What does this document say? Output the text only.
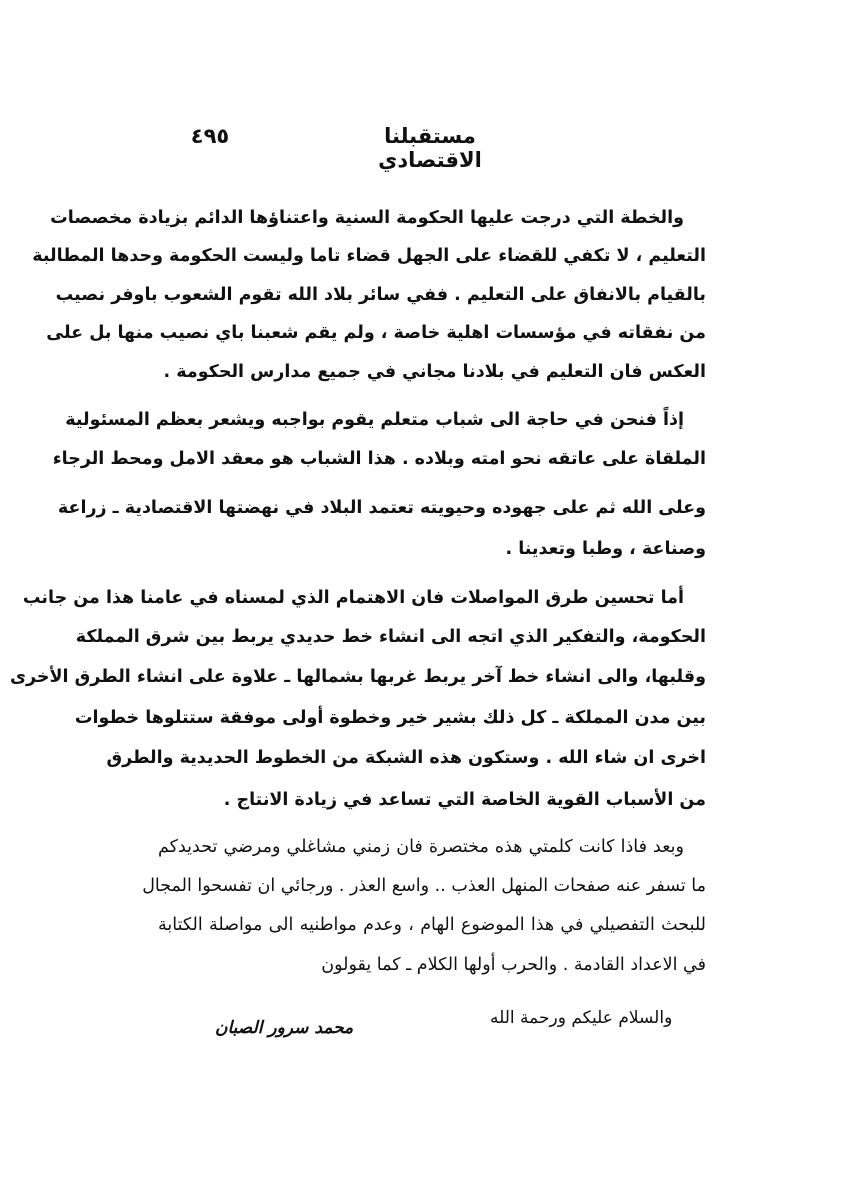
مستقبلنا الاقتصادي
٤٩٥
والخطة التي درجت عليها الحكومة السنية واعتناؤها الدائم بزيادة مخصصات
التعليم ، لا تكفي للقضاء على الجهل قضاء تاما وليست الحكومة وحدها المطالبة
بالقيام بالانفاق على التعليم . ففي سائر بلاد الله تقوم الشعوب باوفر نصيب
من نفقاته في مؤسسات اهلية خاصة ، ولم يقم شعبنا باي نصيب منها بل على
العكس فان التعليم في بلادنا مجاني في جميع مدارس الحكومة .
إذاً فنحن في حاجة الى شباب متعلم يقوم بواجبه ويشعر بعظم المسئولية
الملقاة على عاتقه نحو امته وبلاده . هذا الشباب هو معقد الامل ومحط الرجاء
وعلى الله ثم على جهوده وحيويته تعتمد البلاد في نهضتها الاقتصادية ـ زراعة
وصناعة ، وطبا وتعدينا .
أما تحسين طرق المواصلات فان الاهتمام الذي لمسناه في عامنا هذا من جانب
الحكومة، والتفكير الذي اتجه الى انشاء خط حديدي يربط بين شرق المملكة
وقلبها، والى انشاء خط آخر يربط غربها بشمالها ـ علاوة على انشاء الطرق الأخرى
بين مدن المملكة ـ كل ذلك بشير خير وخطوة أولى موفقة ستتلوها خطوات
اخرى ان شاء الله . وستكون هذه الشبكة من الخطوط الحديدية والطرق
من الأسباب القوية الخاصة التي تساعد في زيادة الانتاج .
وبعد فاذا كانت كلمتي هذه مختصرة فان زمني مشاغلي ومرضي تحديدكم
ما تسفر عنه صفحات المنهل العذب .. واسع العذر . ورجائي ان تفسحوا المجال
للبحث التفصيلي في هذا الموضوع الهام ، وعدم مواطنيه الى مواصلة الكتابة
في الاعداد القادمة . والحرب أولها الكلام ـ كما يقولون
والسلام عليكم ورحمة الله
محمد سرور الصبان
